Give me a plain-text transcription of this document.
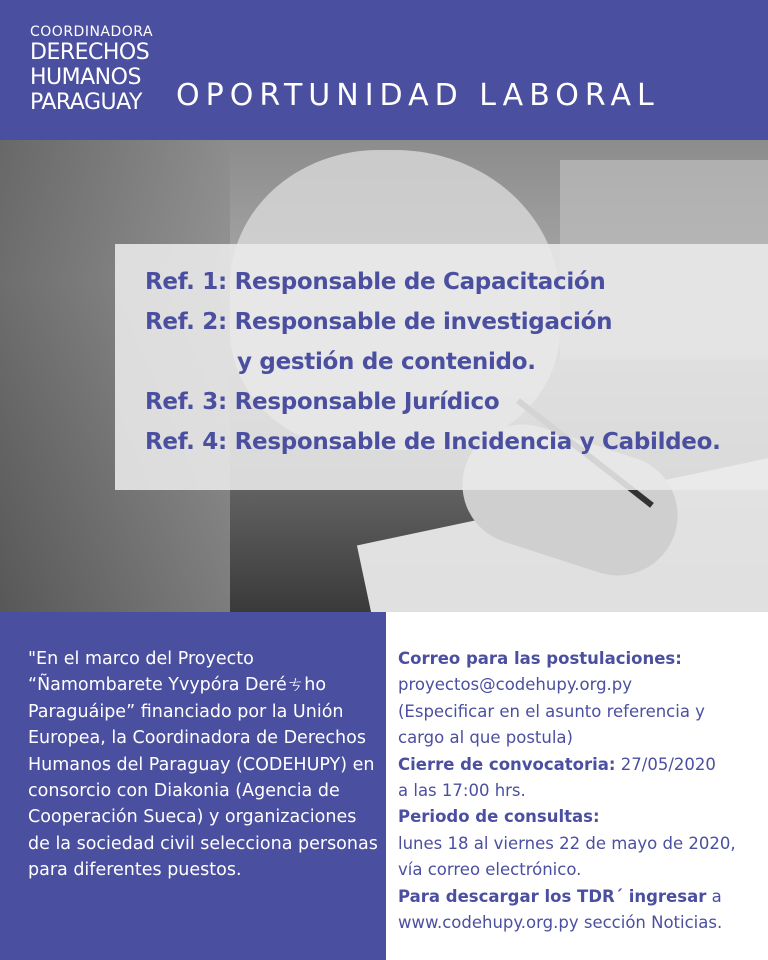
COORDINADORA
DERECHOS
HUMANOS
PARAGUAY	OPORTUNIDAD LABORAL
Ref. 1: Responsable de Capacitación
Ref. 2: Responsable de investigación
y gestión de contenido.
Ref. 3: Responsable Jurídico
Ref. 4: Responsable de Incidencia y Cabildeo.
"En el marco del Proyecto “Ñamombarete Yvypóra Deréㄘho Paraguáipe” financiado por la Unión Europea, la Coordinadora de Derechos Humanos del Paraguay (CODEHUPY) en consorcio con Diakonia (Agencia de Cooperación Sueca) y organizaciones de la sociedad civil selecciona personas para diferentes puestos.
Correo para las postulaciones:
proyectos@codehupy.org.py
(Especificar en el asunto referencia y
cargo al que postula)
Cierre de convocatoria: 27/05/2020
a las 17:00 hrs.
Periodo de consultas:
lunes 18 al viernes 22 de mayo de 2020,
vía correo electrónico.
Para descargar los TDR´ ingresar a
www.codehupy.org.py sección Noticias.
